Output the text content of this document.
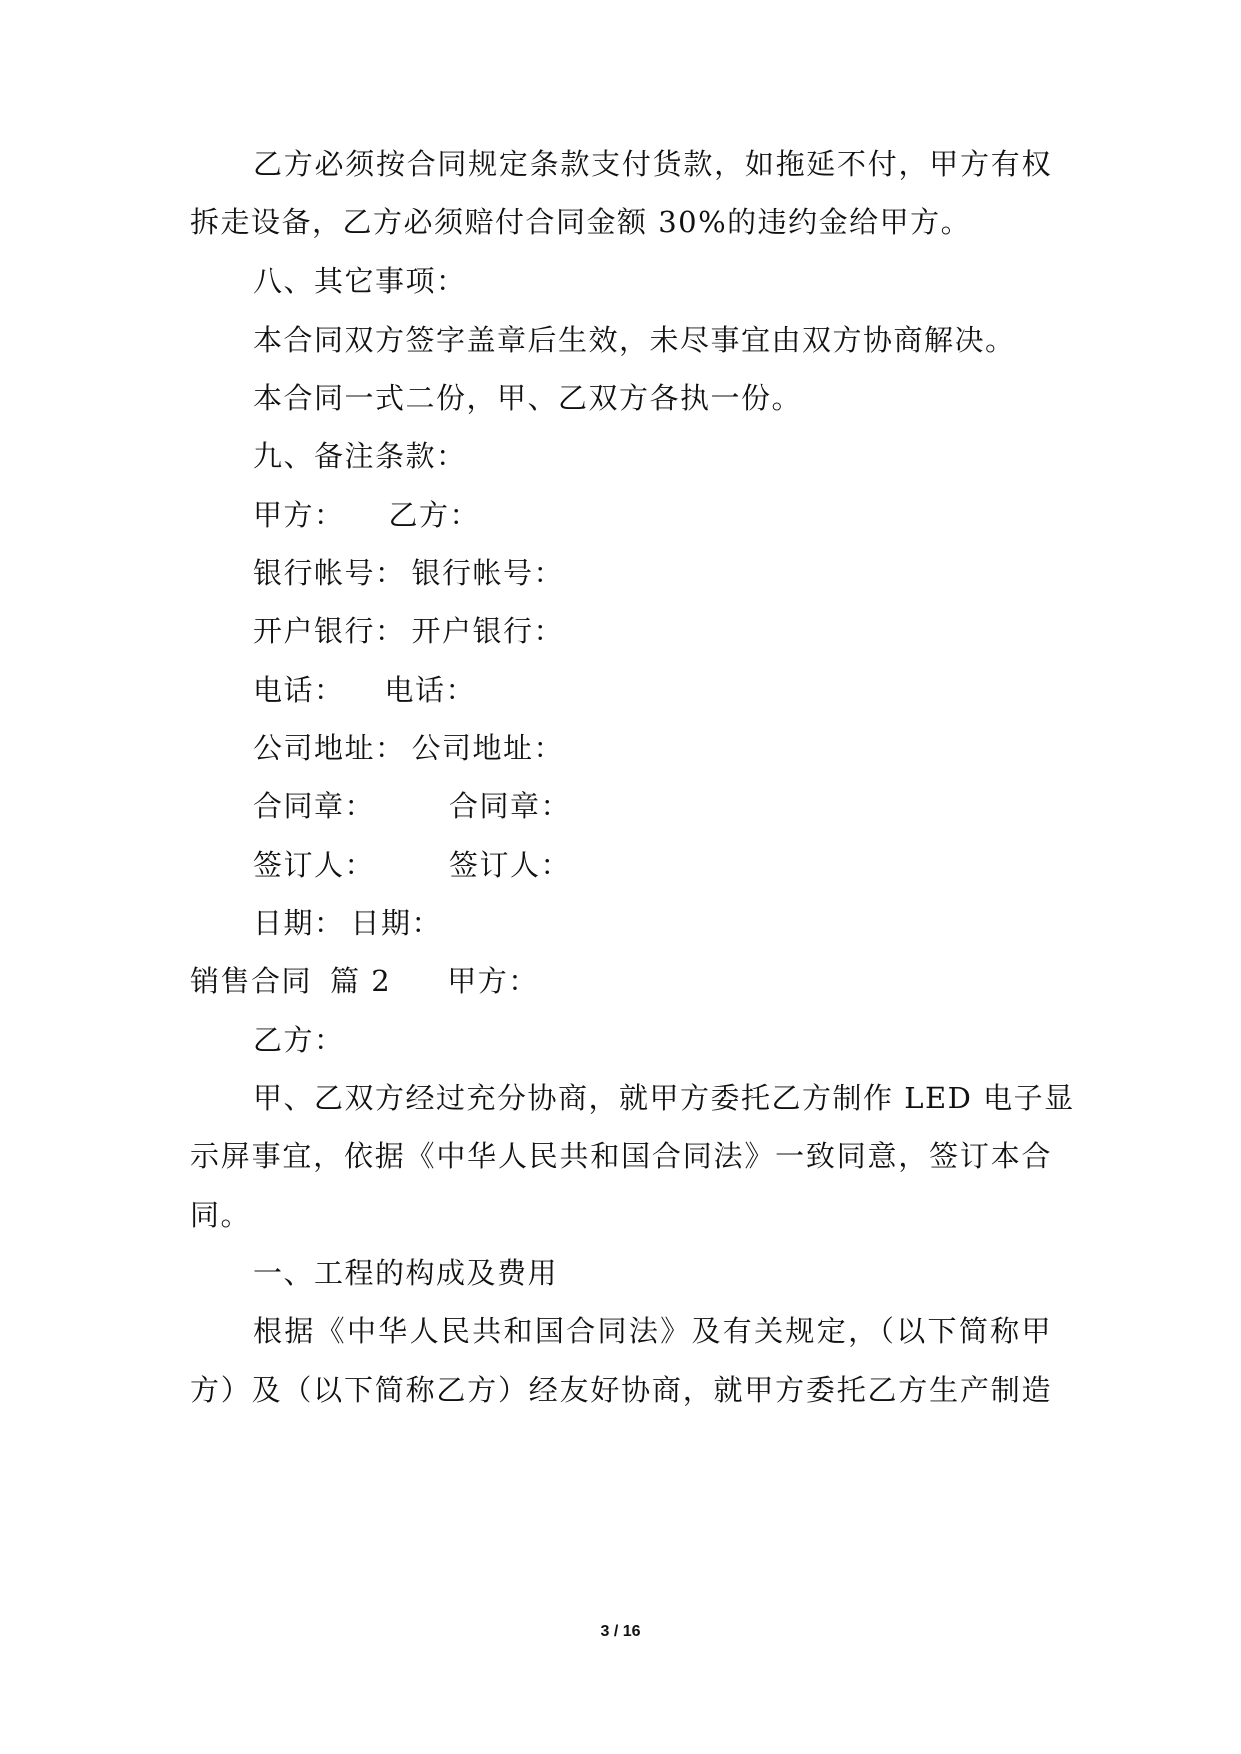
乙方必须按合同规定条款支付货款，如拖延不付，甲方有权
拆走设备，乙方必须赔付合同金额 30%的违约金给甲方。
八、其它事项：
本合同双方签字盖章后生效，未尽事宜由双方协商解决。
本合同一式二份，甲、乙双方各执一份。
九、备注条款：
甲方： 乙方：
银行帐号： 银行帐号：
开户银行： 开户银行：
电话： 电话：
公司地址： 公司地址：
合同章：	合同章：
签订人：	签订人：
日期： 日期：
销售合同 篇 2 甲方：
乙方：
甲、乙双方经过充分协商，就甲方委托乙方制作 LED 电子显
示屏事宜，依据《中华人民共和国合同法》一致同意，签订本合
同。
一、工程的构成及费用
根据《中华人民共和国合同法》及有关规定，（以下简称甲
方）及（以下简称乙方）经友好协商，就甲方委托乙方生产制造
3 / 16
